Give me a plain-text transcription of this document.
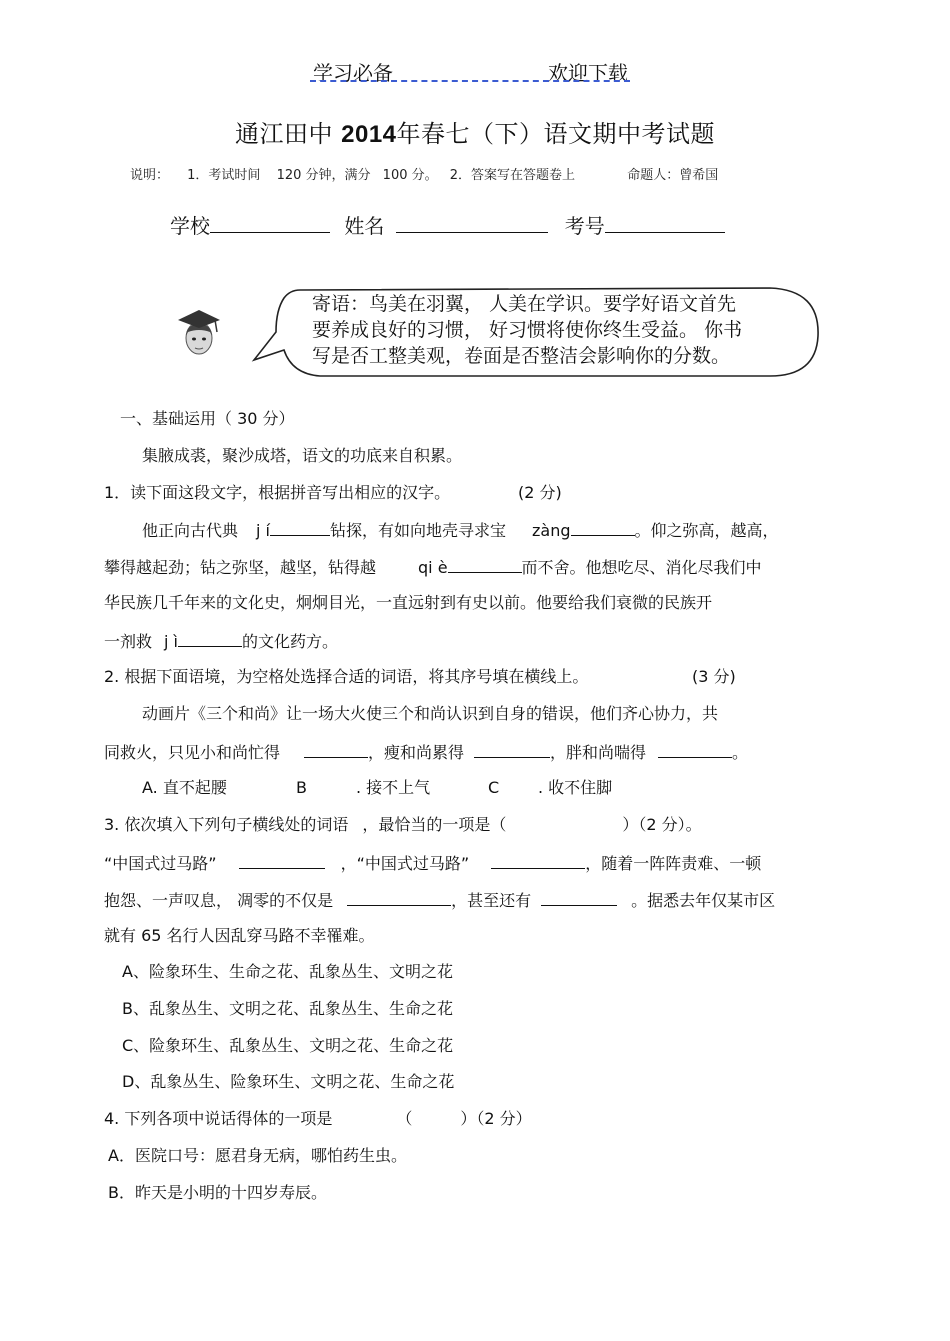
学习必备	欢迎下载
通江田中 2014年春七（下）语文期中考试题
说明： 1．考试时间 120 分钟，满分 100 分。 2．答案写在答题卷上	命题人：曾希国
学校	姓名	考号
寄语：鸟美在羽翼， 人美在学识。要学好语文首先
要养成良好的习惯， 好习惯将使你终生受益。 你书
写是否工整美观，卷面是否整洁会影响你的分数。
一、基础运用（ 30 分）
集腋成裘，聚沙成塔，语文的功底来自积累。
1．读下面这段文字，根据拼音写出相应的汉字。	(2 分)
他正向古代典 j í	钻探，有如向地壳寻求宝 zàng	。仰之弥高，越高，
攀得越起劲；钻之弥坚，越坚，钻得越	qi è	而不舍。他想吃尽、消化尽我们中
华民族几千年来的文化史，炯炯目光，一直远射到有史以前。他要给我们衰微的民族开
一剂救 j ì	的文化药方。
2. 根据下面语境，为空格处选择合适的词语，将其序号填在横线上。	(3 分)
动画片《三个和尚》让一场大火使三个和尚认识到自身的错误，他们齐心协力，共
同救火，只见小和尚忙得	，瘦和尚累得	，胖和尚喘得	。
A. 直不起腰	B	. 接不上气	C . 收不住脚
3. 依次填入下列句子横线处的词语 ，最恰当的一项是（	）（2 分）。
“中国式过马路”	，“中国式过马路”	，随着一阵阵责难、一顿
抱怨、一声叹息， 凋零的不仅是	，甚至还有	。据悉去年仅某市区
就有 65 名行人因乱穿马路不幸罹难。
A、险象环生、生命之花、乱象丛生、文明之花
B、乱象丛生、文明之花、乱象丛生、生命之花
C、险象环生、乱象丛生、文明之花、生命之花
D、乱象丛生、险象环生、文明之花、生命之花
4. 下列各项中说话得体的一项是	（	）（2 分）
A．医院口号：愿君身无病，哪怕药生虫。
B．昨天是小明的十四岁寿辰。
